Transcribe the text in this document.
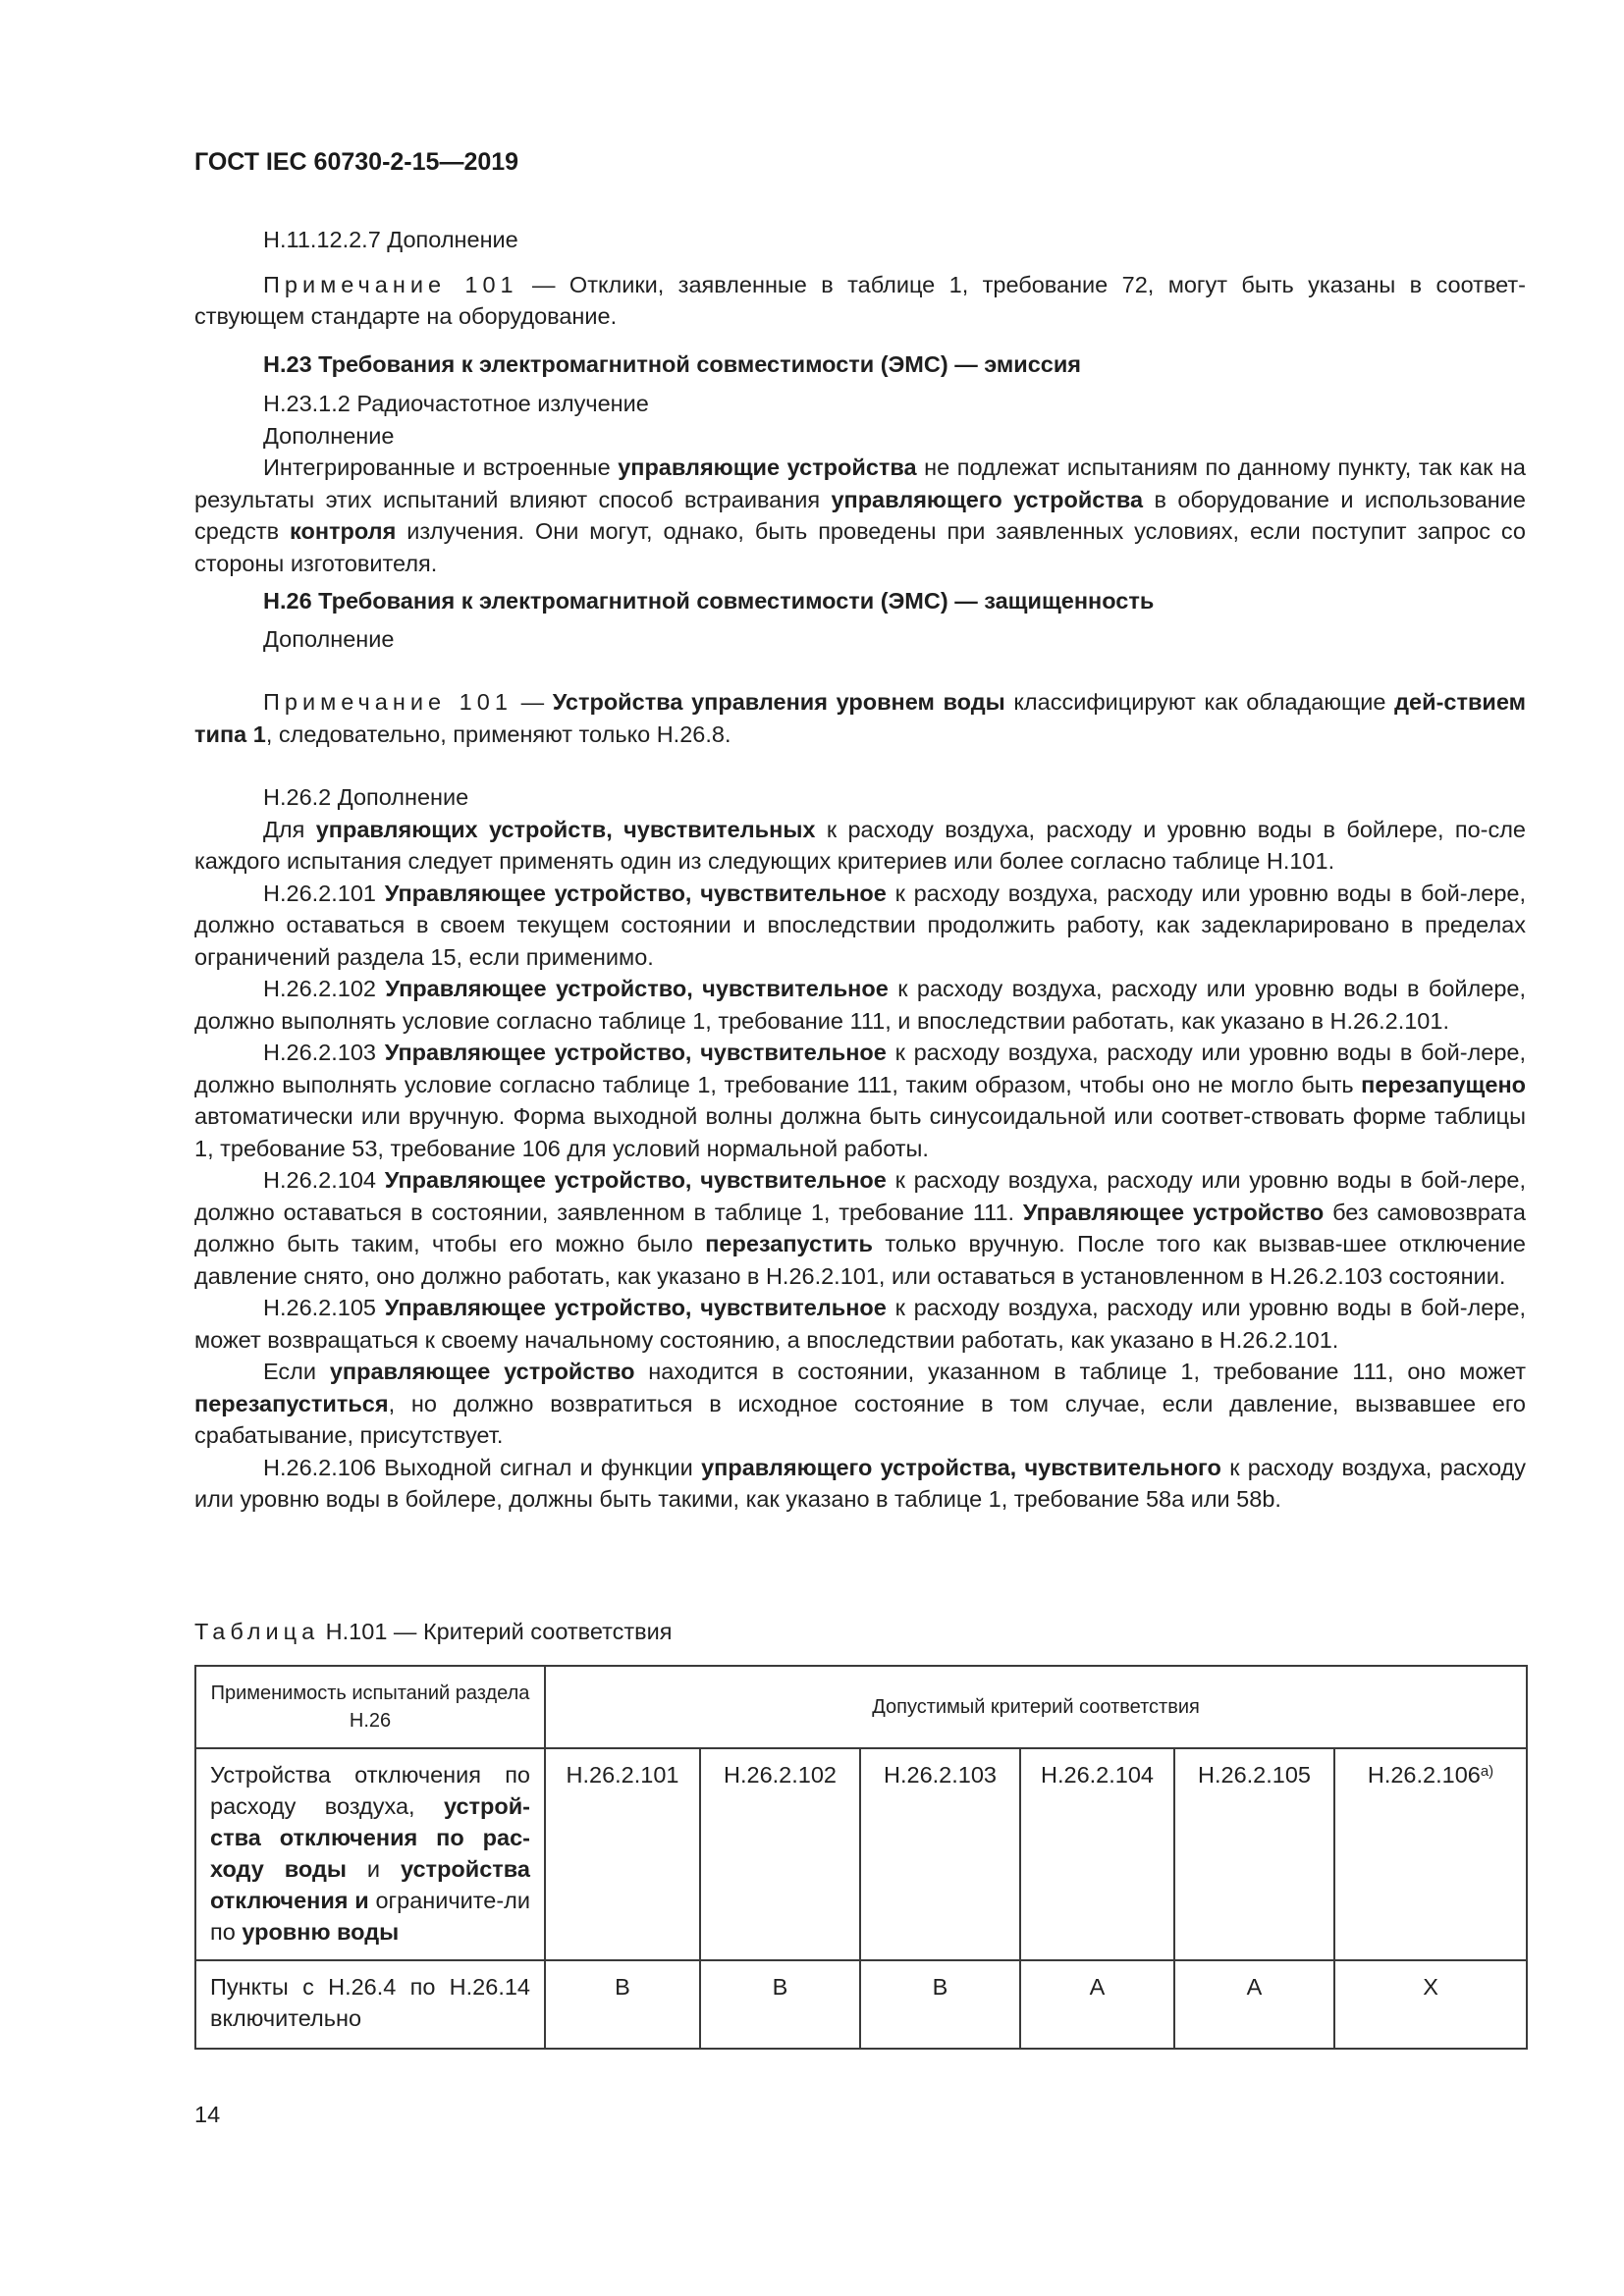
ГОСТ IEC 60730-2-15—2019

H.11.12.2.7 Дополнение

Примечание 101 — Отклики, заявленные в таблице 1, требование 72, могут быть указаны в соответ-ствующем стандарте на оборудование.

H.23 Требования к электромагнитной совместимости (ЭМС) — эмиссия

H.23.1.2 Радиочастотное излучение

Дополнение

Интегрированные и встроенные управляющие устройства не подлежат испытаниям по данному пункту, так как на результаты этих испытаний влияют способ встраивания управляющего устройства в оборудование и использование средств контроля излучения. Они могут, однако, быть проведены при заявленных условиях, если поступит запрос со стороны изготовителя.

H.26 Требования к электромагнитной совместимости (ЭМС) — защищенность

Дополнение

Примечание 101 — Устройства управления уровнем воды классифицируют как обладающие дей-ствием типа 1, следовательно, применяют только H.26.8.

H.26.2 Дополнение

Для управляющих устройств, чувствительных к расходу воздуха, расходу и уровню воды в бойлере, по-сле каждого испытания следует применять один из следующих критериев или более согласно таблице H.101.

H.26.2.101 Управляющее устройство, чувствительное к расходу воздуха, расходу или уровню воды в бой-лере, должно оставаться в своем текущем состоянии и впоследствии продолжить работу, как задекларировано в пределах ограничений раздела 15, если применимо.

H.26.2.102 Управляющее устройство, чувствительное к расходу воздуха, расходу или уровню воды в бойлере, должно выполнять условие согласно таблице 1, требование 111, и впоследствии работать, как указано в H.26.2.101.

H.26.2.103 Управляющее устройство, чувствительное к расходу воздуха, расходу или уровню воды в бой-лере, должно выполнять условие согласно таблице 1, требование 111, таким образом, чтобы оно не могло быть перезапущено автоматически или вручную. Форма выходной волны должна быть синусоидальной или соответ-ствовать форме таблицы 1, требование 53, требование 106 для условий нормальной работы.

H.26.2.104 Управляющее устройство, чувствительное к расходу воздуха, расходу или уровню воды в бой-лере, должно оставаться в состоянии, заявленном в таблице 1, требование 111. Управляющее устройство без самовозврата должно быть таким, чтобы его можно было перезапустить только вручную. После того как вызвав-шее отключение давление снято, оно должно работать, как указано в H.26.2.101, или оставаться в установленном в H.26.2.103 состоянии.

H.26.2.105 Управляющее устройство, чувствительное к расходу воздуха, расходу или уровню воды в бой-лере, может возвращаться к своему начальному состоянию, а впоследствии работать, как указано в H.26.2.101.

Если управляющее устройство находится в состоянии, указанном в таблице 1, требование 111, оно может перезапуститься, но должно возвратиться в исходное состояние в том случае, если давление, вызвавшее его срабатывание, присутствует.

H.26.2.106 Выходной сигнал и функции управляющего устройства, чувствительного к расходу воздуха, расходу или уровню воды в бойлере, должны быть такими, как указано в таблице 1, требование 58a или 58b.

Таблица H.101 — Критерий соответствия
Применимость испытаний раздела H.26	Допустимый критерий соответствия					
Устройства отключения по расходу воздуха, устрой-ства отключения по рас-ходу воды и устройства отключения и ограничите-ли по уровню воды	H.26.2.101	H.26.2.102	H.26.2.103	H.26.2.104	H.26.2.105	H.26.2.106$^{a)}$
Пункты с H.26.4 по H.26.14 включительно	B	B	B	A	A	X
14
